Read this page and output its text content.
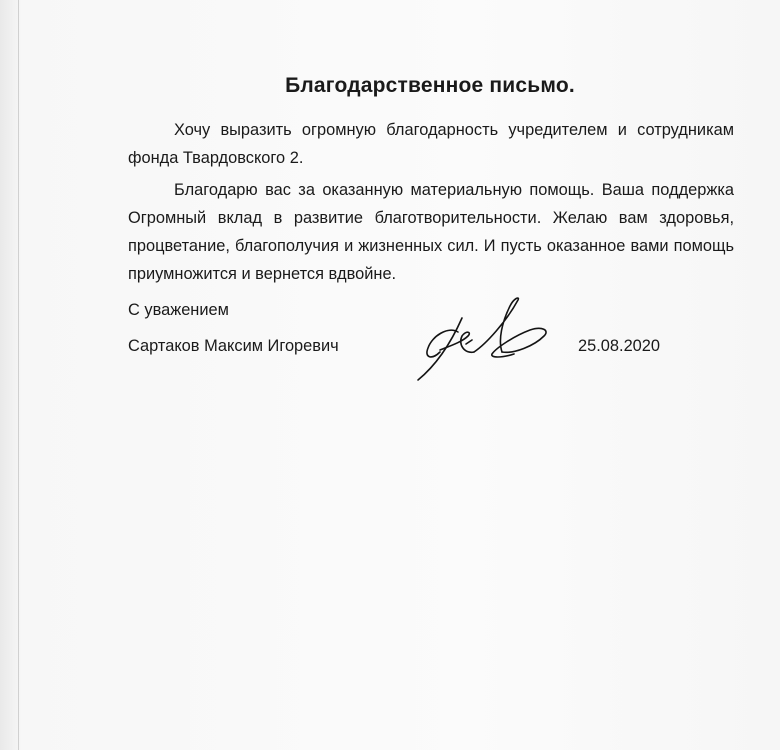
Благодарственное письмо.

Хочу выразить огромную благодарность учредителем и сотрудникам фонда Твардовского 2.

Благодарю вас за оказанную материальную помощь. Ваша поддержка Огромный вклад в развитие благотворительности. Желаю вам здоровья, процветание, благополучия и жизненных сил. И пусть оказанное вами помощь приумножится и вернется вдвойне.

С уважением
Сартаков Максим Игоревич	25.08.2020
